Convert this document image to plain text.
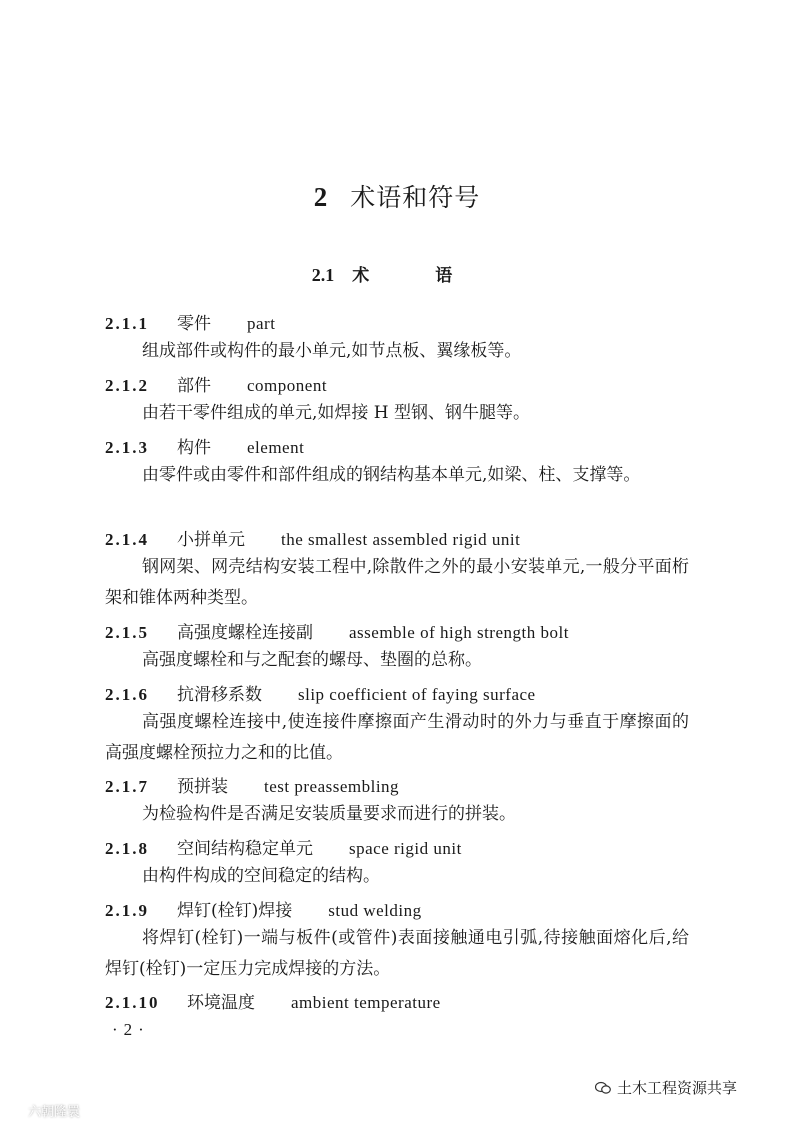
2 术语和符号
2.1 术 语
2.1.1 零件 part
组成部件或构件的最小单元,如节点板、翼缘板等。
2.1.2 部件 component
由若干零件组成的单元,如焊接 H 型钢、钢牛腿等。
2.1.3 构件 element
由零件或由零件和部件组成的钢结构基本单元,如梁、柱、支撑等。
2.1.4 小拼单元 the smallest assembled rigid unit
钢网架、网壳结构安装工程中,除散件之外的最小安装单元,一般分平面桁架和锥体两种类型。
2.1.5 高强度螺栓连接副 assemble of high strength bolt
高强度螺栓和与之配套的螺母、垫圈的总称。
2.1.6 抗滑移系数 slip coefficient of faying surface
高强度螺栓连接中,使连接件摩擦面产生滑动时的外力与垂直于摩擦面的高强度螺栓预拉力之和的比值。
2.1.7 预拼装 test preassembling
为检验构件是否满足安装质量要求而进行的拼装。
2.1.8 空间结构稳定单元 space rigid unit
由构件构成的空间稳定的结构。
2.1.9 焊钉(栓钉)焊接 stud welding
将焊钉(栓钉)一端与板件(或管件)表面接触通电引弧,待接触面熔化后,给焊钉(栓钉)一定压力完成焊接的方法。
2.1.10 环境温度 ambient temperature
·2·
土木工程资源共享
六朝隆睘
